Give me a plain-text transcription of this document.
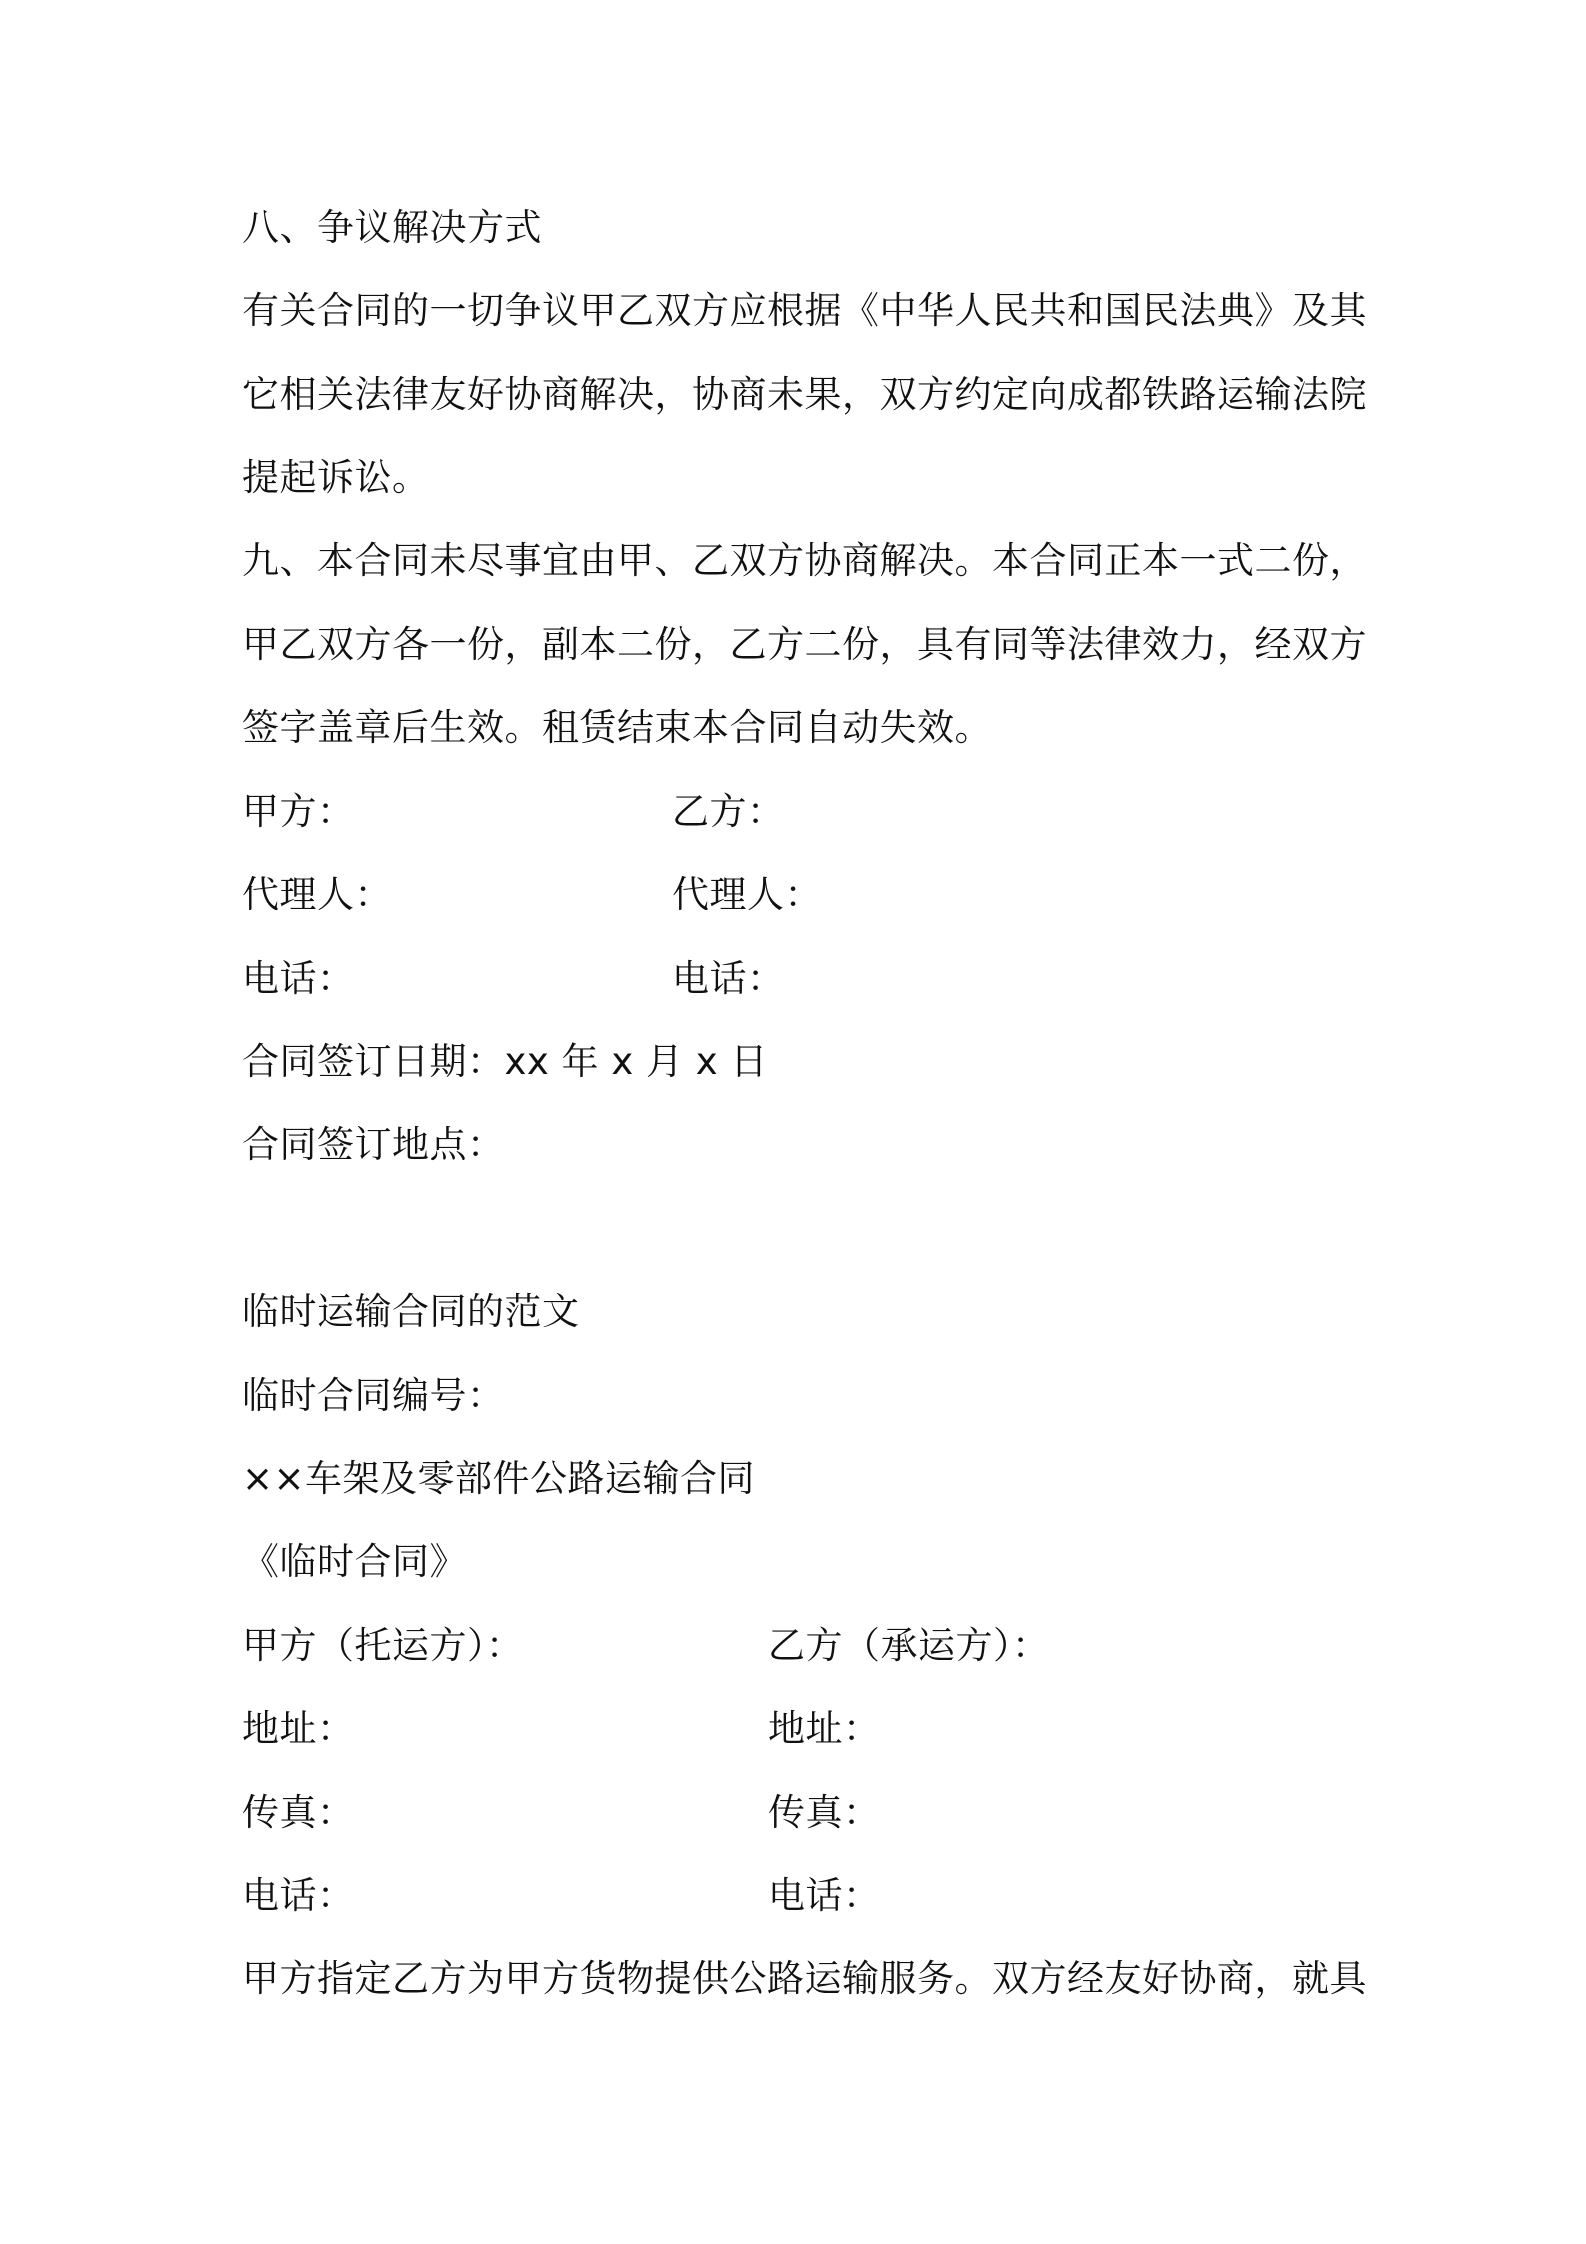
八、争议解决方式
有关合同的一切争议甲乙双方应根据《中华人民共和国民法典》及其
它相关法律友好协商解决，协商未果，双方约定向成都铁路运输法院
提起诉讼。
九、本合同未尽事宜由甲、乙双方协商解决。本合同正本一式二份，
甲乙双方各一份，副本二份，乙方二份，具有同等法律效力，经双方
签字盖章后生效。租赁结束本合同自动失效。
甲方：	乙方：
代理人：	代理人：
电话：	电话：
合同签订日期：xx 年 x 月 x 日
合同签订地点：
临时运输合同的范文
临时合同编号：
××车架及零部件公路运输合同
《临时合同》
甲方（托运方）：	乙方（承运方）：
地址：	地址：
传真：	传真：
电话：	电话：
甲方指定乙方为甲方货物提供公路运输服务。双方经友好协商，就具
